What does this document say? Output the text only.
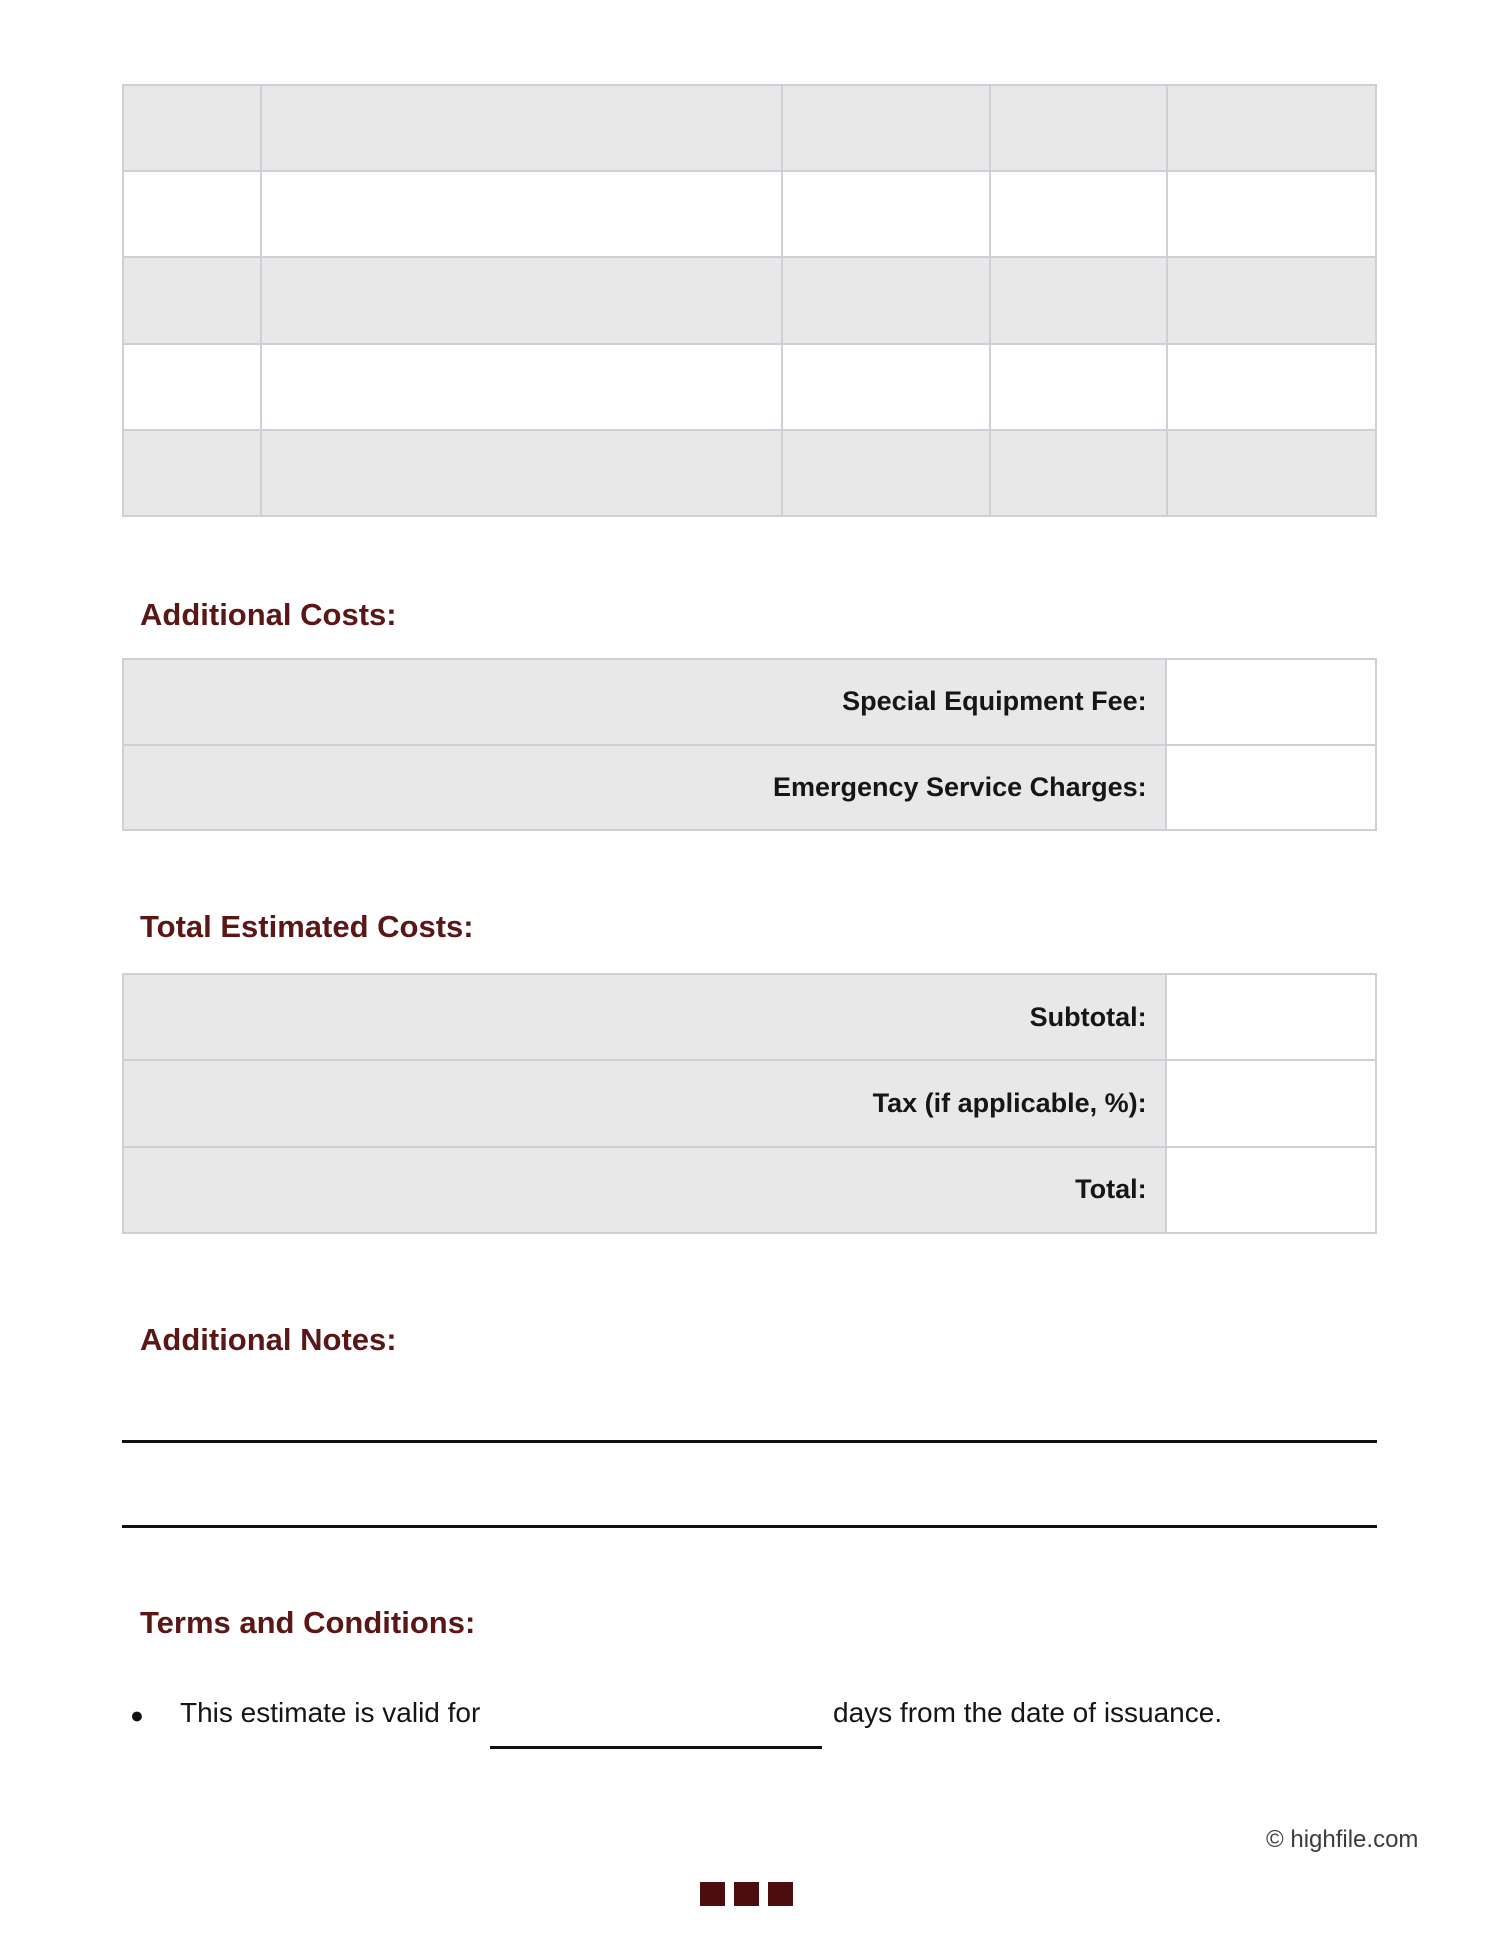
Additional Costs:
Special Equipment Fee:
Emergency Service Charges:
Total Estimated Costs:
Subtotal:
Tax (if applicable, %):
Total:
Additional Notes:
Terms and Conditions:
● This estimate is valid for	days from the date of issuance.
© highfile.com
